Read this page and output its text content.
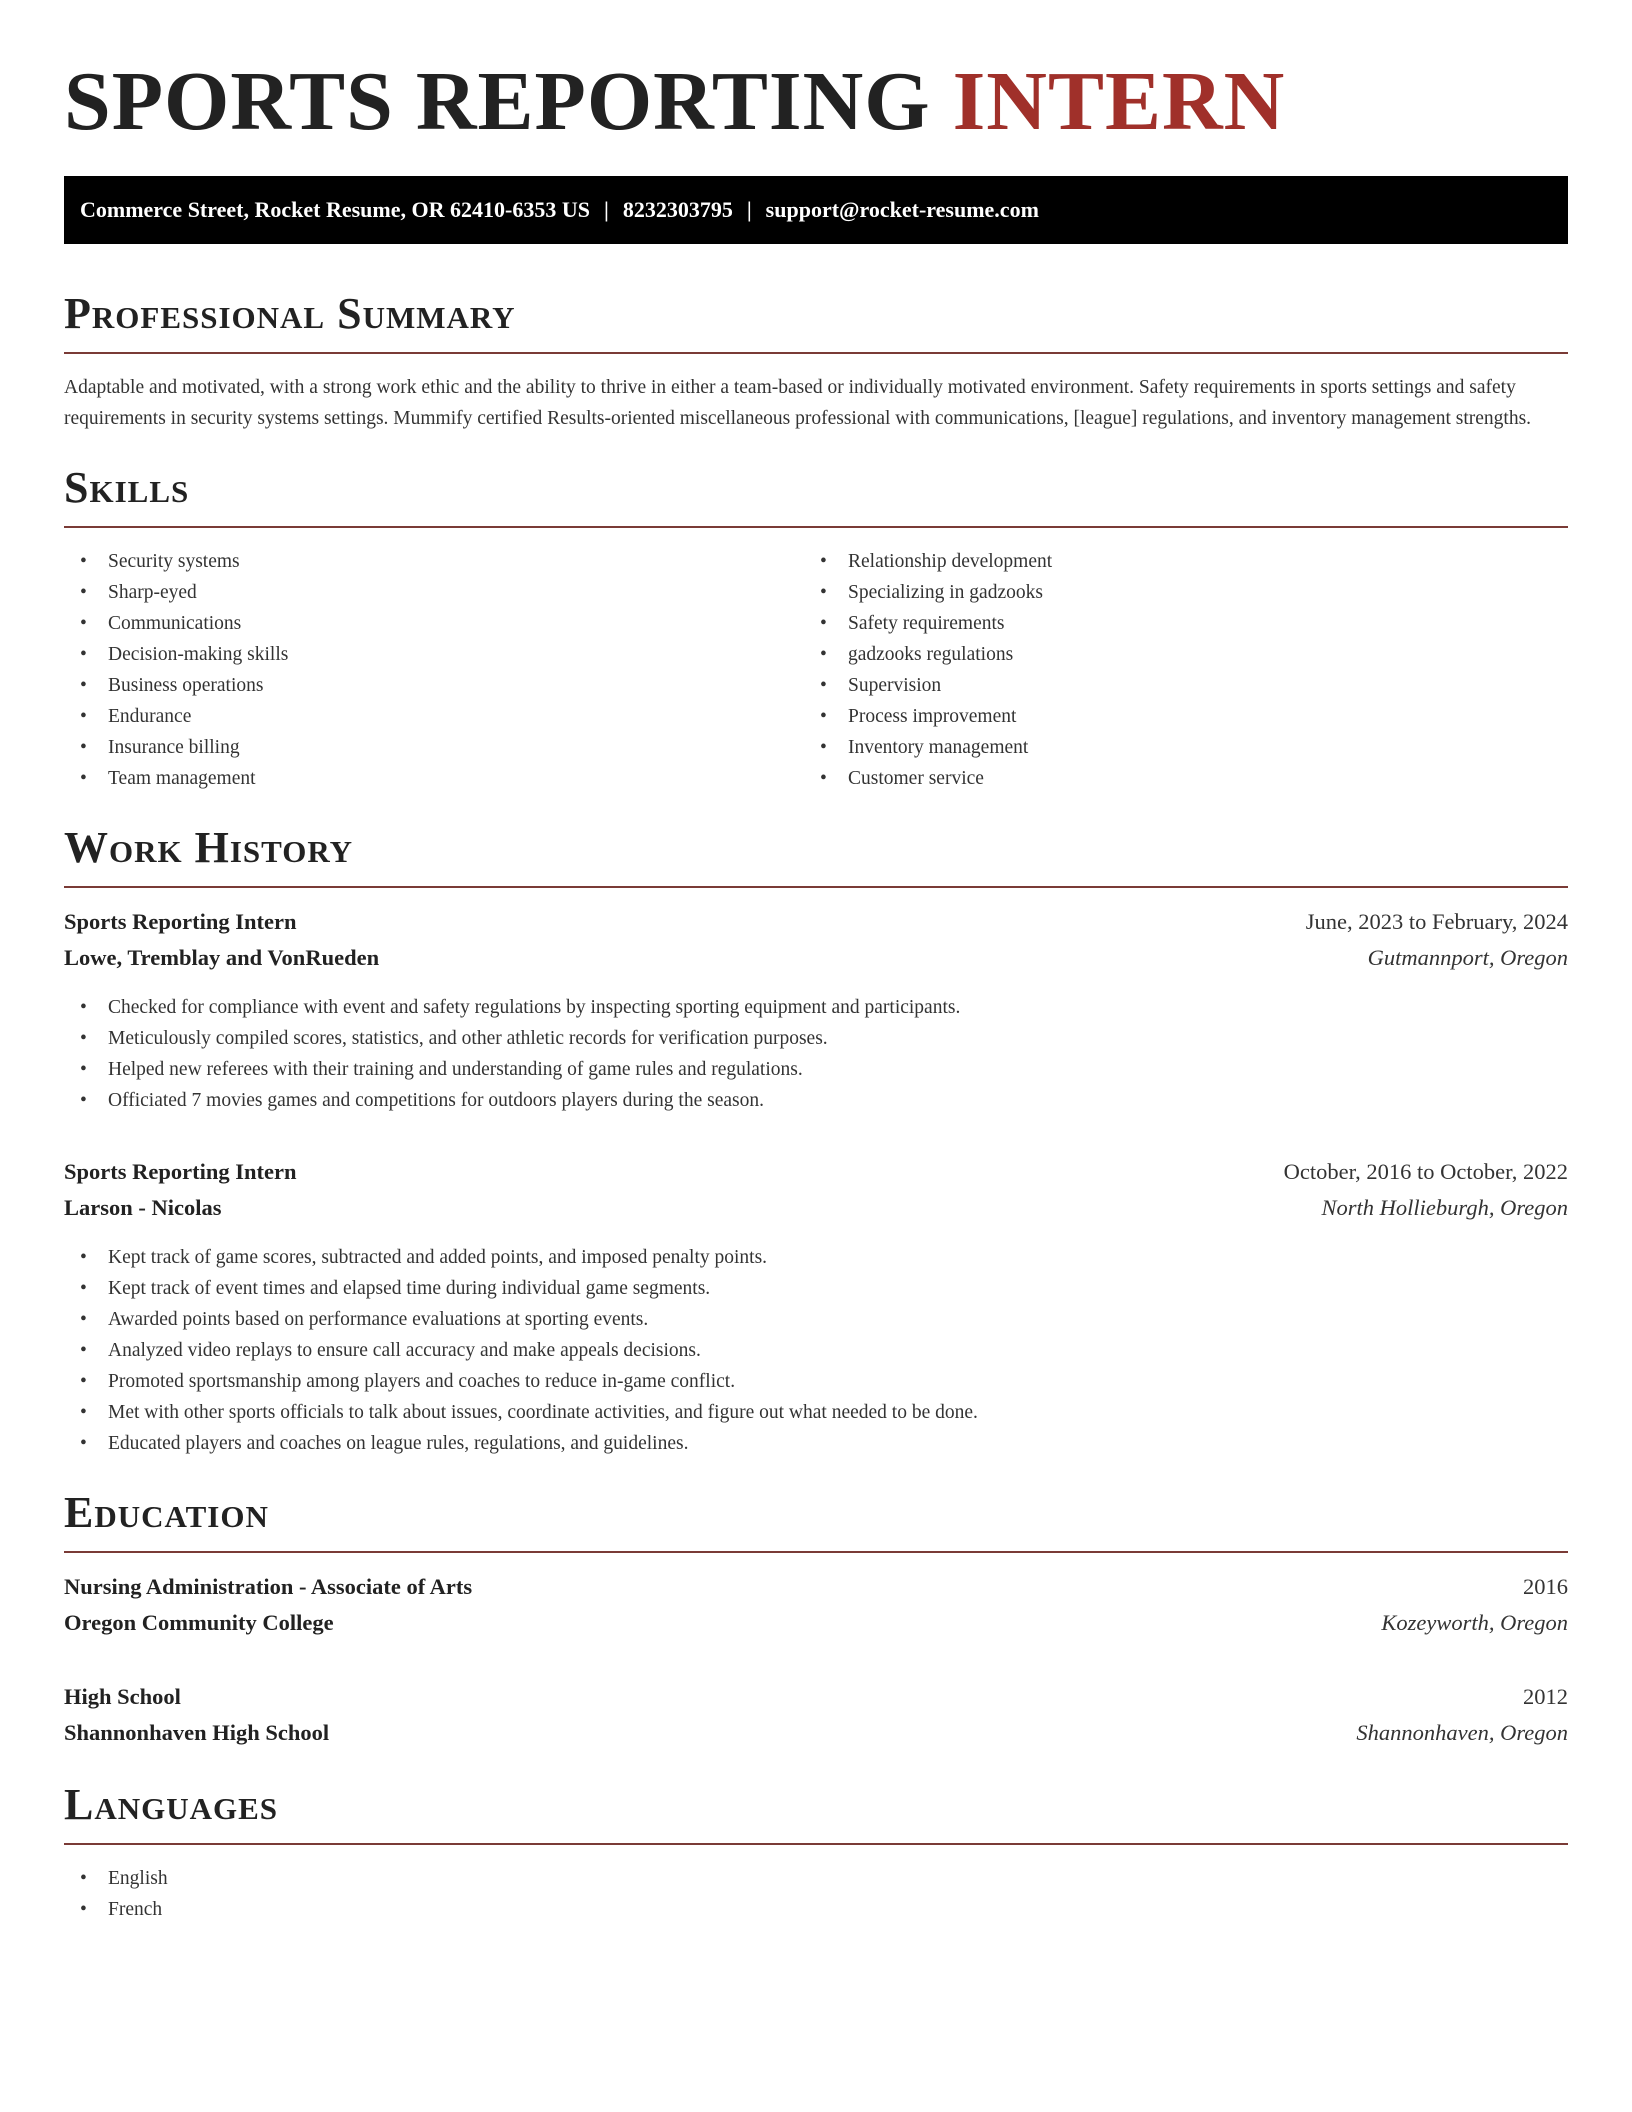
SPORTS REPORTING INTERN
Commerce Street, Rocket Resume, OR 62410-6353 US | 8232303795 | support@rocket-resume.com
Professional Summary

Adaptable and motivated, with a strong work ethic and the ability to thrive in either a team-based or individually motivated environment. Safety requirements in sports settings and safety requirements in security systems settings. Mummify certified Results-oriented miscellaneous professional with communications, [league] regulations, and inventory management strengths.

Skills
• Security systems
• Sharp-eyed
• Communications
• Decision-making skills
• Business operations
• Endurance
• Insurance billing
• Team management
• Relationship development
• Specializing in gadzooks
• Safety requirements
• gadzooks regulations
• Supervision
• Process improvement
• Inventory management
• Customer service
Work History
Sports Reporting Intern	June, 2023 to February, 2024
Lowe, Tremblay and VonRueden	Gutmannport, Oregon
• Checked for compliance with event and safety regulations by inspecting sporting equipment and participants.
• Meticulously compiled scores, statistics, and other athletic records for verification purposes.
• Helped new referees with their training and understanding of game rules and regulations.
• Officiated 7 movies games and competitions for outdoors players during the season.
Sports Reporting Intern	October, 2016 to October, 2022
Larson - Nicolas	North Hollieburgh, Oregon
• Kept track of game scores, subtracted and added points, and imposed penalty points.
• Kept track of event times and elapsed time during individual game segments.
• Awarded points based on performance evaluations at sporting events.
• Analyzed video replays to ensure call accuracy and make appeals decisions.
• Promoted sportsmanship among players and coaches to reduce in-game conflict.
• Met with other sports officials to talk about issues, coordinate activities, and figure out what needed to be done.
• Educated players and coaches on league rules, regulations, and guidelines.
Education
Nursing Administration - Associate of Arts	2016
Oregon Community College	Kozeyworth, Oregon
High School	2012
Shannonhaven High School	Shannonhaven, Oregon
Languages
• English
• French
